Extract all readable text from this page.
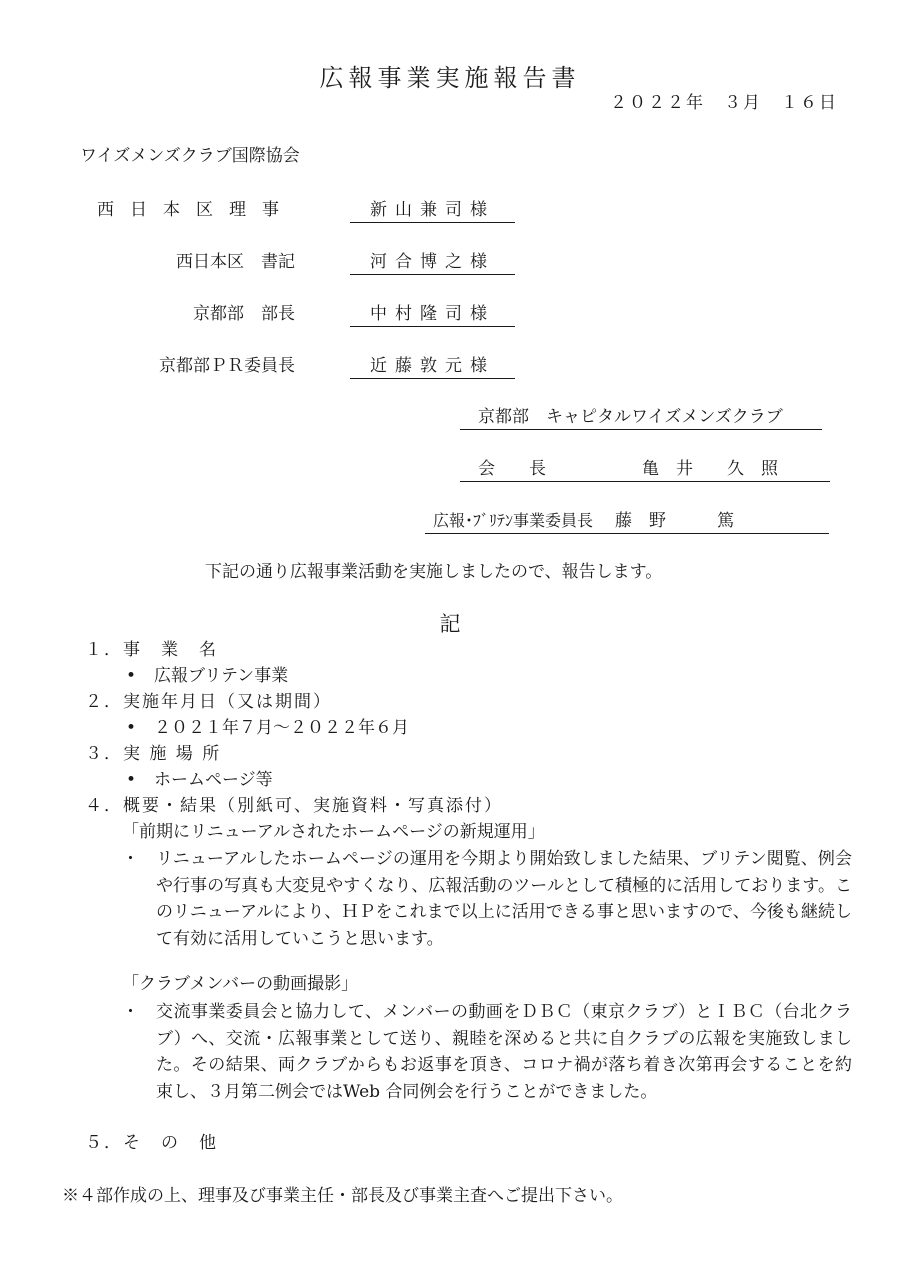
広報事業実施報告書
２０２２年　３月　１６日
ワイズメンズクラブ国際協会
西日本区理事	新山兼司様
西日本区　書記	河合博之様
京都部　部長	中村隆司様
京都部ＰＲ委員長	近藤敦元様
京都部　キャピタルワイズメンズクラブ
会　　長	亀　井　　久　照
広報･ﾌﾞﾘﾃﾝ事業委員長 藤　野　　　篤
下記の通り広報事業活動を実施しましたので、報告します。
記
１．事　業　名
• 広報ブリテン事業
２．実施年月日（又は期間）
• ２０２１年７月～２０２２年６月
３．実 施 場 所
• ホームページ等
４．概要・結果（別紙可、実施資料・写真添付）
「前期にリニューアルされたホームページの新規運用」
・	リニューアルしたホームページの運用を今期より開始致しました結果、ブリテン閲覧、例会や行事の写真も大変見やすくなり、広報活動のツールとして積極的に活用しております。このリニューアルにより、ＨＰをこれまで以上に活用できる事と思いますので、今後も継続して有効に活用していこうと思います。
「クラブメンバーの動画撮影」
・	交流事業委員会と協力して、メンバーの動画をＤＢＣ（東京クラブ）とＩＢＣ（台北クラブ）へ、交流・広報事業として送り、親睦を深めると共に自クラブの広報を実施致しました。その結果、両クラブからもお返事を頂き、コロナ禍が落ち着き次第再会することを約束し、３月第二例会ではWeb 合同例会を行うことができました。
５．そ　の　他
※４部作成の上、理事及び事業主任・部長及び事業主査へご提出下さい。
